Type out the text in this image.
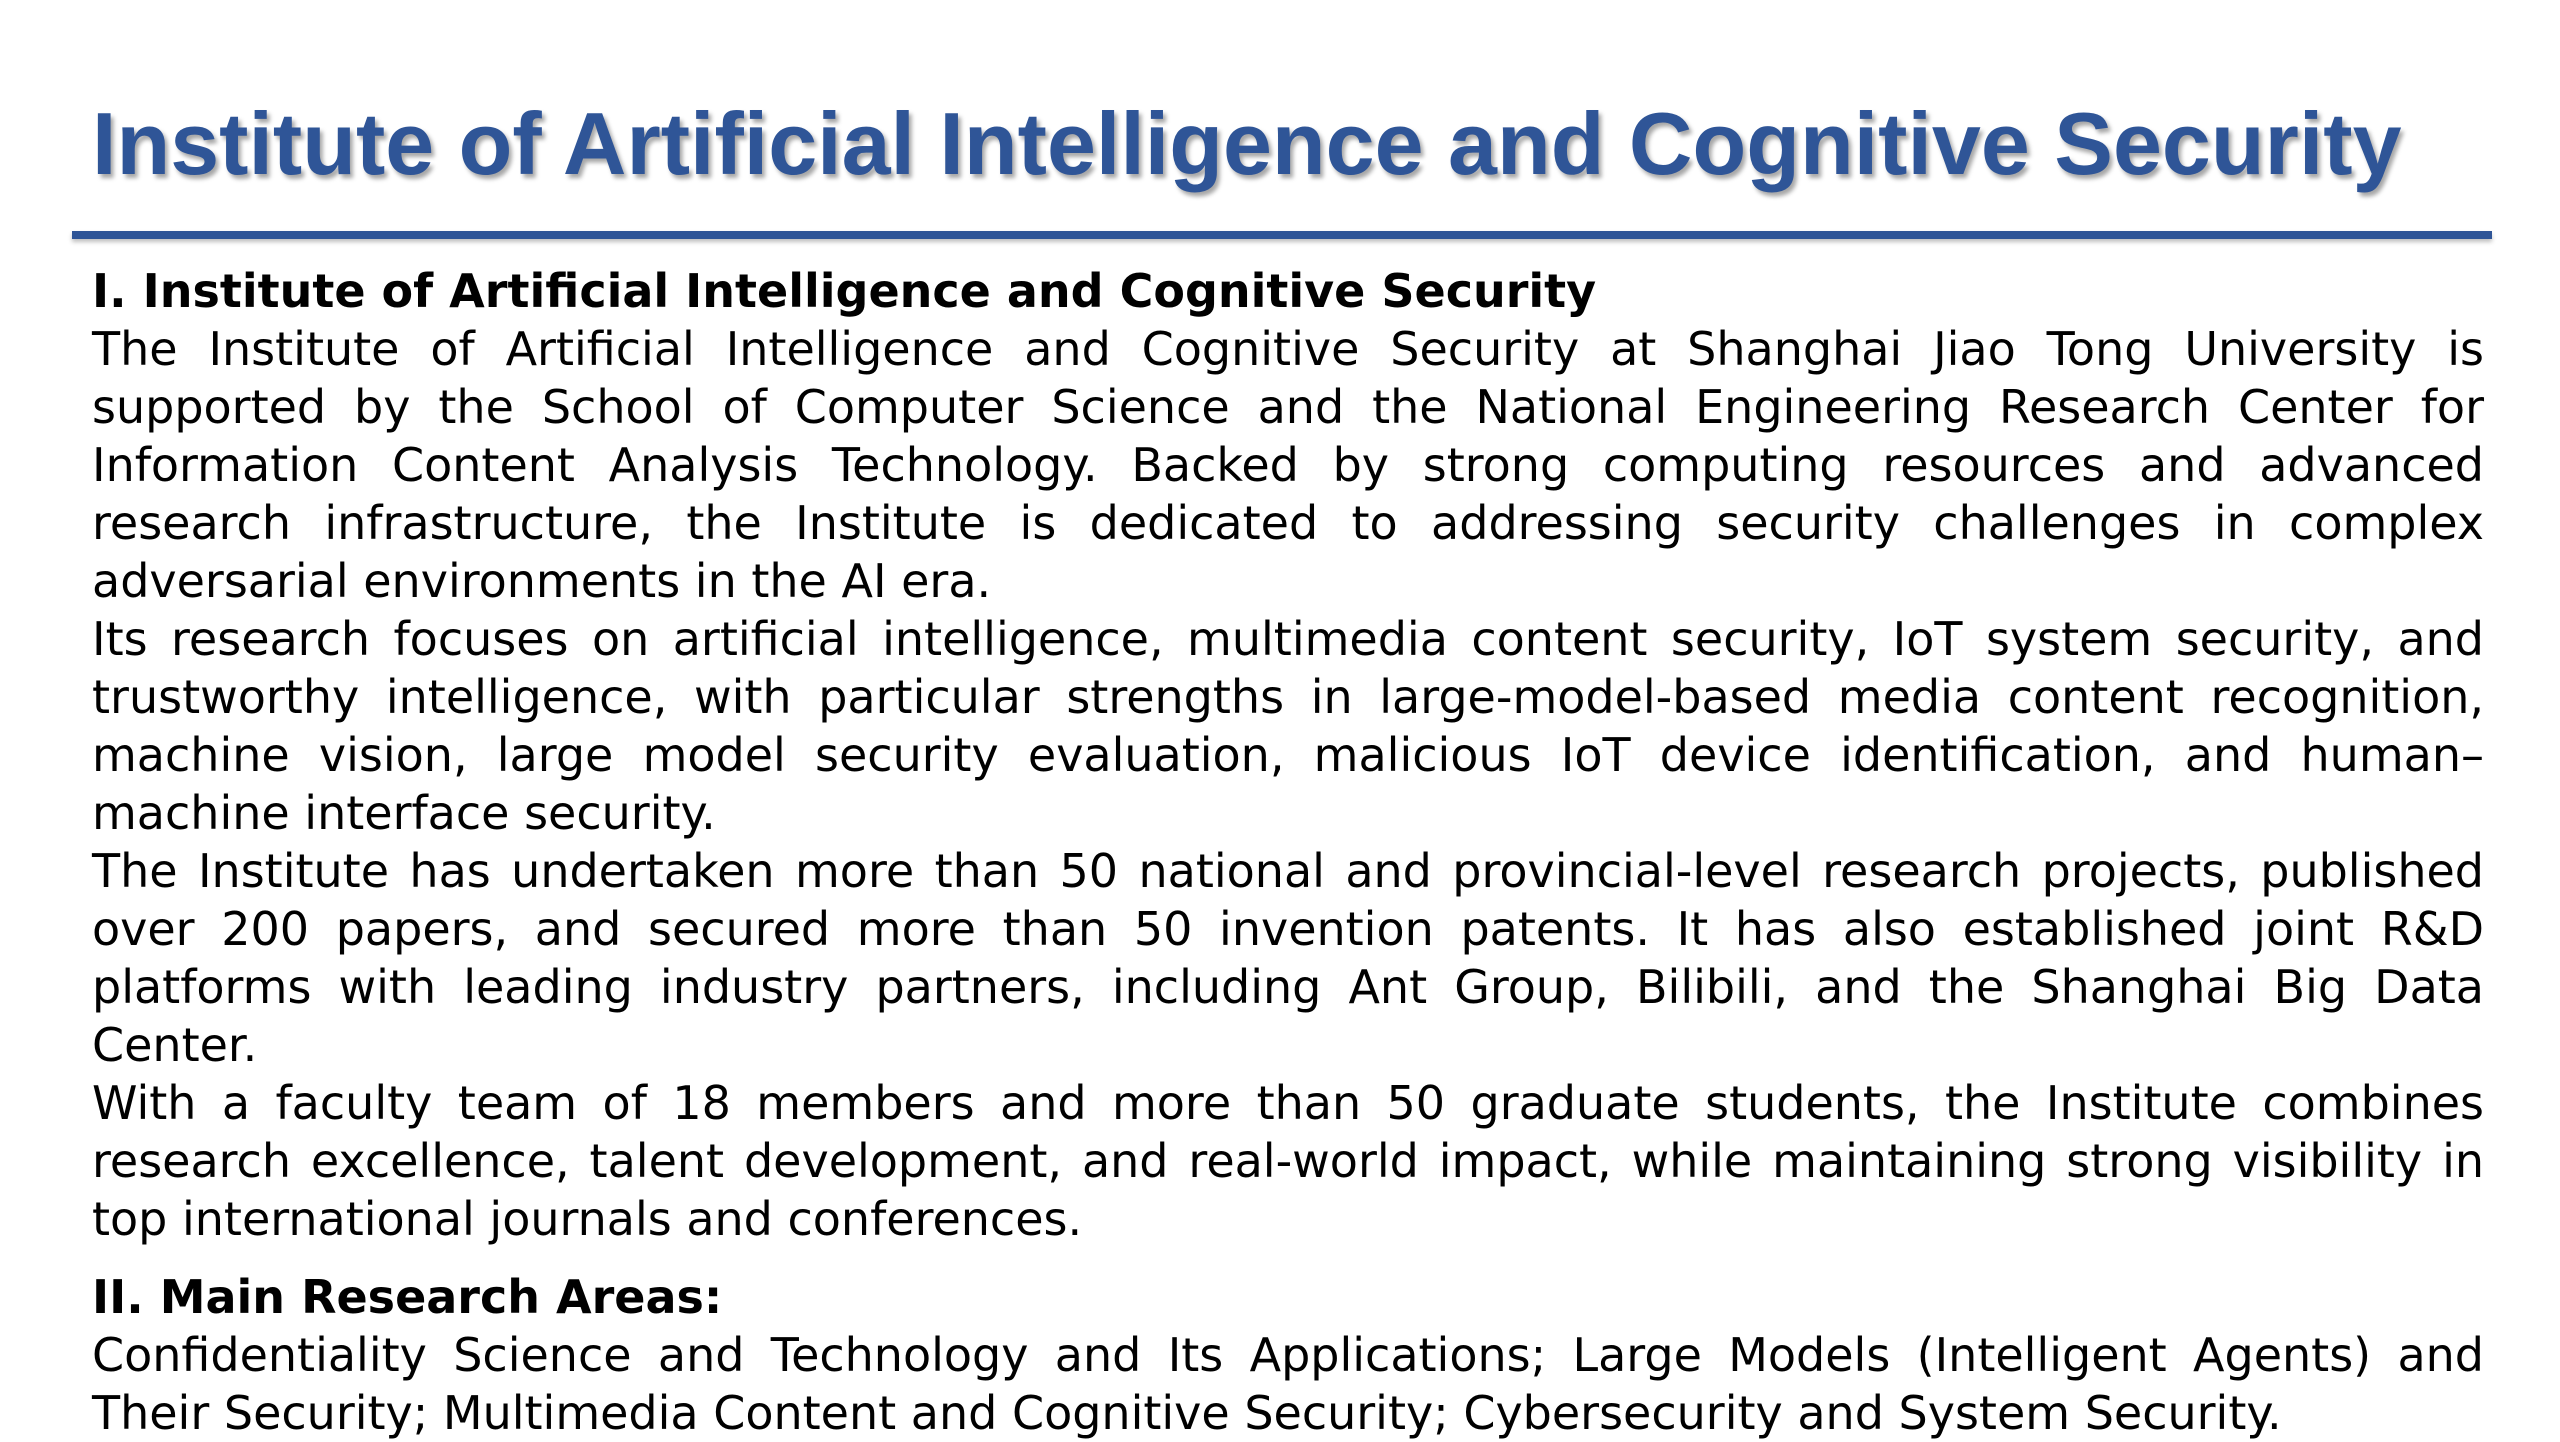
Institute of Artificial Intelligence and Cognitive Security

I. Institute of Artificial Intelligence and Cognitive Security

The Institute of Artificial Intelligence and Cognitive Security at Shanghai Jiao Tong University is supported by the School of Computer Science and the National Engineering Research Center for Information Content Analysis Technology. Backed by strong computing resources and advanced research infrastructure, the Institute is dedicated to addressing security challenges in complex adversarial environments in the AI era.

Its research focuses on artificial intelligence, multimedia content security, IoT system security, and trustworthy intelligence, with particular strengths in large-model-based media content recognition, machine vision, large model security evaluation, malicious IoT device identification, and human–machine interface security.

The Institute has undertaken more than 50 national and provincial-level research projects, published over 200 papers, and secured more than 50 invention patents. It has also established joint R&D platforms with leading industry partners, including Ant Group, Bilibili, and the Shanghai Big Data Center.

With a faculty team of 18 members and more than 50 graduate students, the Institute combines research excellence, talent development, and real-world impact, while maintaining strong visibility in top international journals and conferences.

II. Main Research Areas:

Confidentiality Science and Technology and Its Applications; Large Models (Intelligent Agents) and Their Security; Multimedia Content and Cognitive Security; Cybersecurity and System Security.
